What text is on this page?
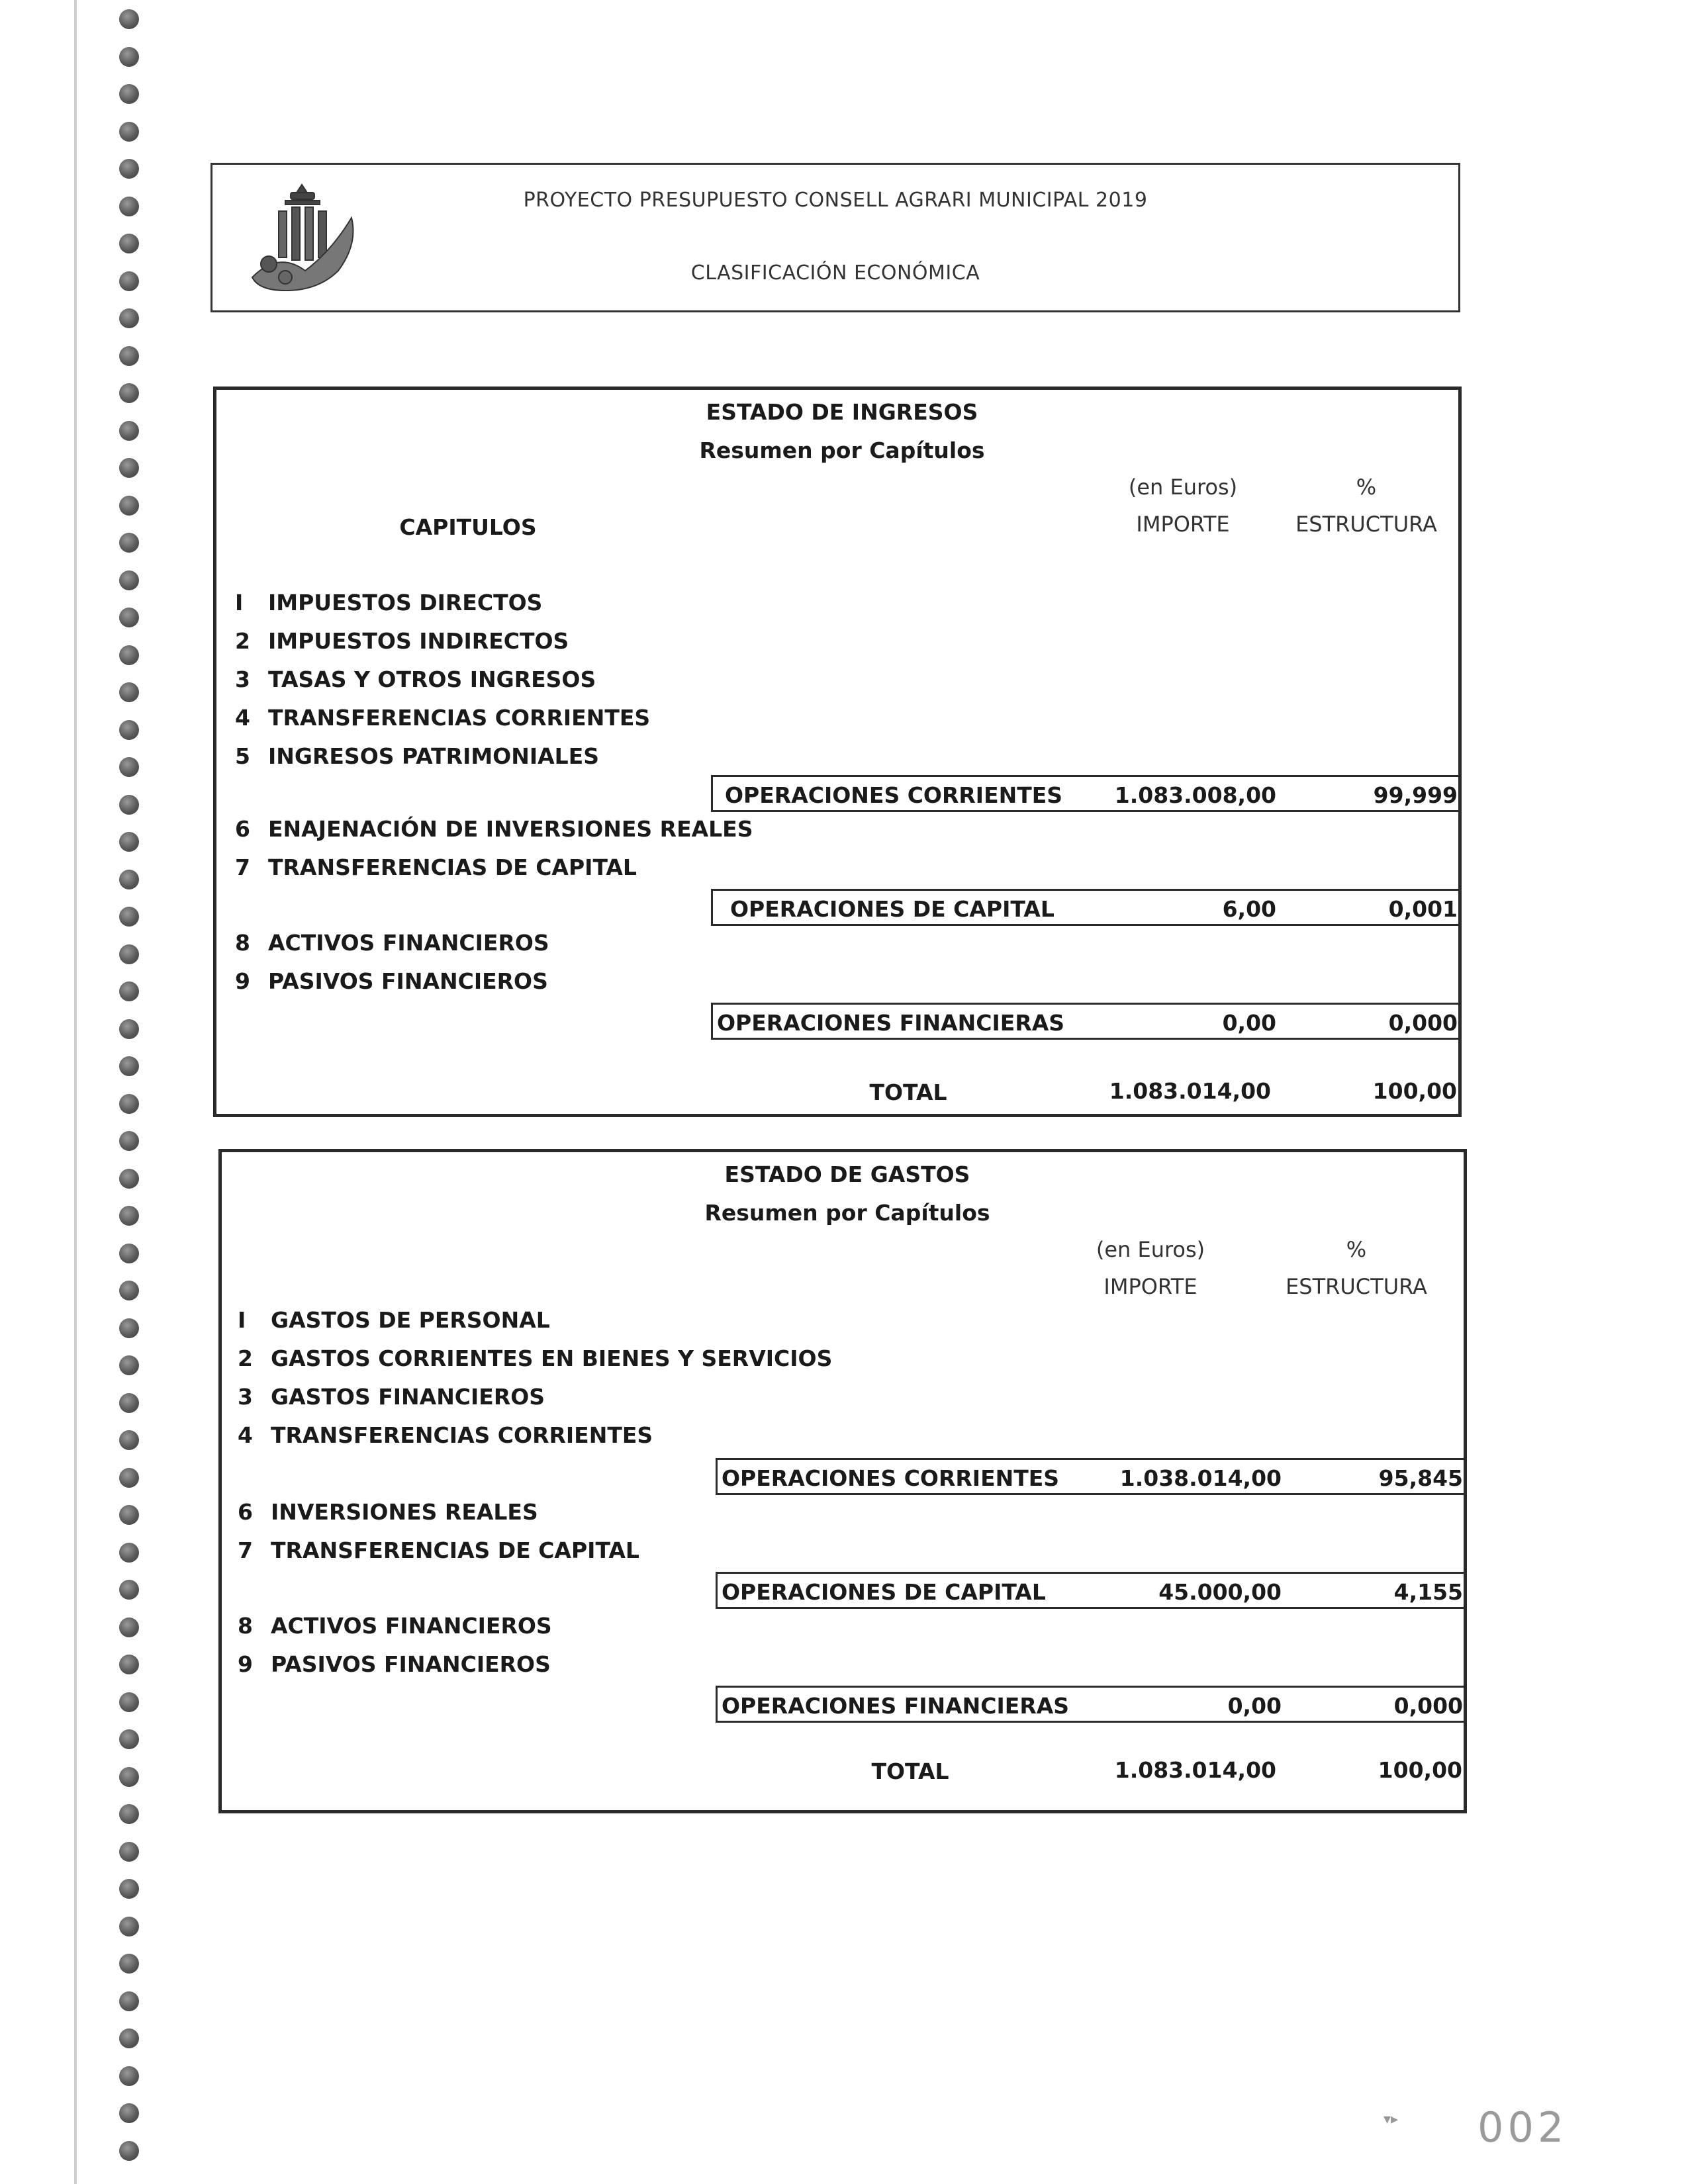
PROYECTO PRESUPUESTO CONSELL AGRARI MUNICIPAL 2019
CLASIFICACIÓN ECONÓMICA
ESTADO DE INGRESOS
Resumen por Capítulos
(en Euros)	%
CAPITULOS	IMPORTE	ESTRUCTURA
I IMPUESTOS DIRECTOS
2 IMPUESTOS INDIRECTOS
3 TASAS Y OTROS INGRESOS
4 TRANSFERENCIAS CORRIENTES
5 INGRESOS PATRIMONIALES
OPERACIONES CORRIENTES 1.083.008,00	99,999
6 ENAJENACIÓN DE INVERSIONES REALES
7 TRANSFERENCIAS DE CAPITAL
OPERACIONES DE CAPITAL	6,00	0,001
8 ACTIVOS FINANCIEROS
9 PASIVOS FINANCIEROS
OPERACIONES FINANCIERAS	0,00	0,000
TOTAL	1.083.014,00	100,00
ESTADO DE GASTOS
Resumen por Capítulos
(en Euros)	%
IMPORTE	ESTRUCTURA
I GASTOS DE PERSONAL
2 GASTOS CORRIENTES EN BIENES Y SERVICIOS
3 GASTOS FINANCIEROS
4 TRANSFERENCIAS CORRIENTES
OPERACIONES CORRIENTES	1.038.014,00	95,845
6 INVERSIONES REALES
7 TRANSFERENCIAS DE CAPITAL
OPERACIONES DE CAPITAL	45.000,00	4,155
8 ACTIVOS FINANCIEROS
9 PASIVOS FINANCIEROS
OPERACIONES FINANCIERAS	0,00	0,000
TOTAL	1.083.014,00	100,00
▾▸ 002
